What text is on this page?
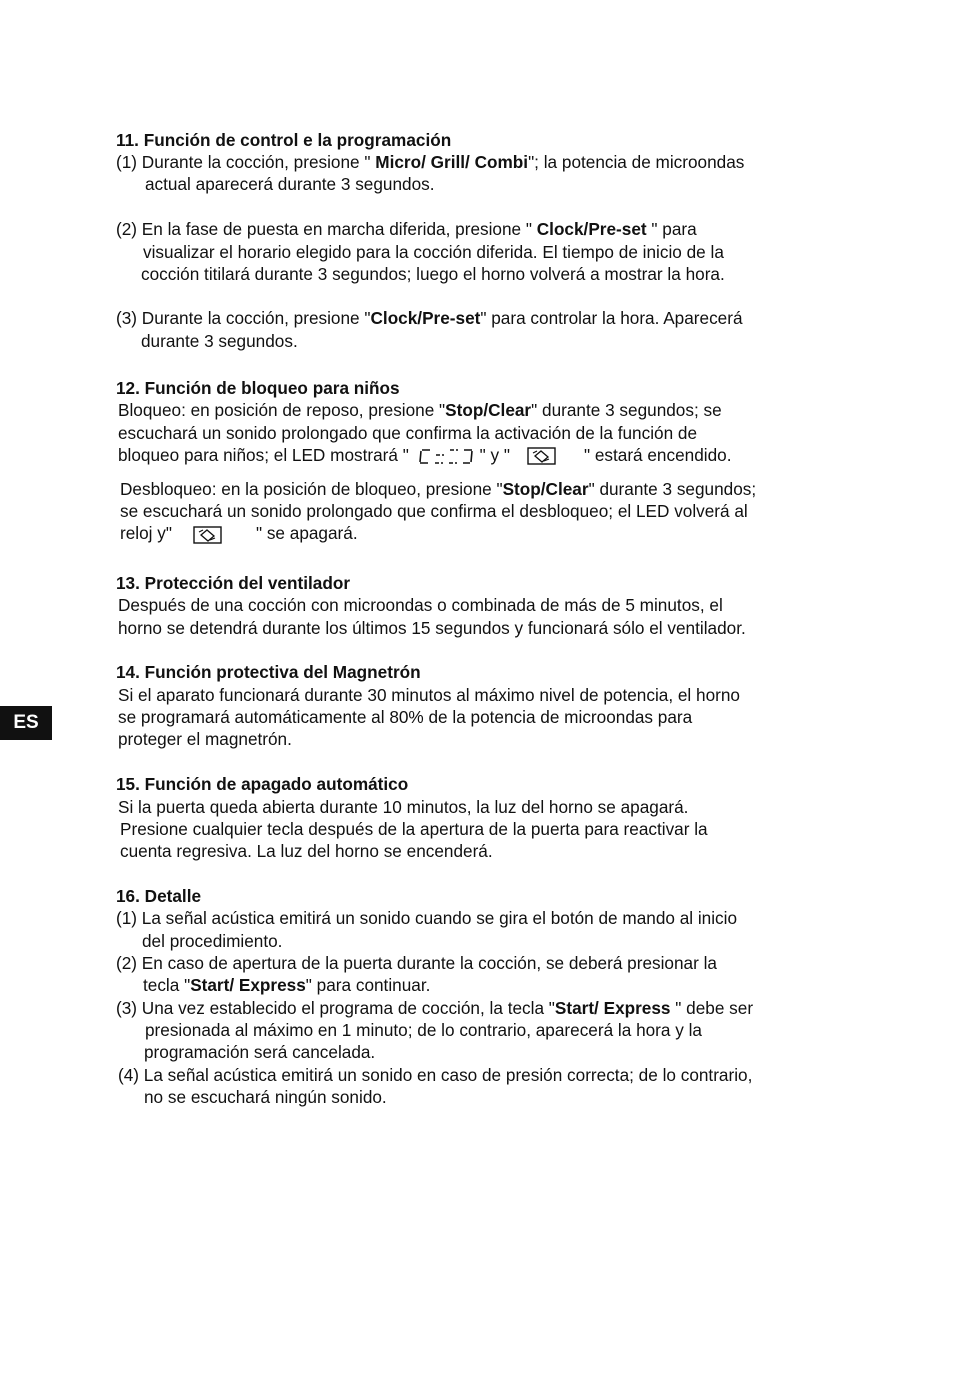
ES
11. Función de control e la programación
(1) Durante la cocción, presione " Micro/ Grill/ Combi"; la potencia de microondas
actual aparecerá durante 3 segundos.
(2) En la fase de puesta en marcha diferida, presione " Clock/Pre-set " para
visualizar el horario elegido para la cocción diferida. El tiempo de inicio de la
cocción titilará durante 3 segundos; luego el horno volverá a mostrar la hora.
(3) Durante la cocción, presione "Clock/Pre-set" para controlar la hora. Aparecerá
durante 3 segundos.
12. Función de bloqueo para niños
Bloqueo: en posición de reposo, presione "Stop/Clear" durante 3 segundos; se
escuchará un sonido prolongado que confirma la activación de la función de
bloqueo para niños; el LED mostrará "	" y "	" estará encendido.
Desbloqueo: en la posición de bloqueo, presione "Stop/Clear" durante 3 segundos;
se escuchará un sonido prolongado que confirma el desbloqueo; el LED volverá al
reloj y"	" se apagará.
13. Protección del ventilador
Después de una cocción con microondas o combinada de más de 5 minutos, el
horno se detendrá durante los últimos 15 segundos y funcionará sólo el ventilador.
14. Función protectiva del Magnetrón
Si el aparato funcionará durante 30 minutos al máximo nivel de potencia, el horno
se programará automáticamente al 80% de la potencia de microondas para
proteger el magnetrón.
15. Función de apagado automático
Si la puerta queda abierta durante 10 minutos, la luz del horno se apagará.
Presione cualquier tecla después de la apertura de la puerta para reactivar la
cuenta regresiva. La luz del horno se encenderá.
16. Detalle
(1) La señal acústica emitirá un sonido cuando se gira el botón de mando al inicio
del procedimiento.
(2) En caso de apertura de la puerta durante la cocción, se deberá presionar la
tecla "Start/ Express" para continuar.
(3) Una vez establecido el programa de cocción, la tecla "Start/ Express " debe ser
presionada al máximo en 1 minuto; de lo contrario, aparecerá la hora y la
programación será cancelada.
(4) La señal acústica emitirá un sonido en caso de presión correcta; de lo contrario,
no se escuchará ningún sonido.
